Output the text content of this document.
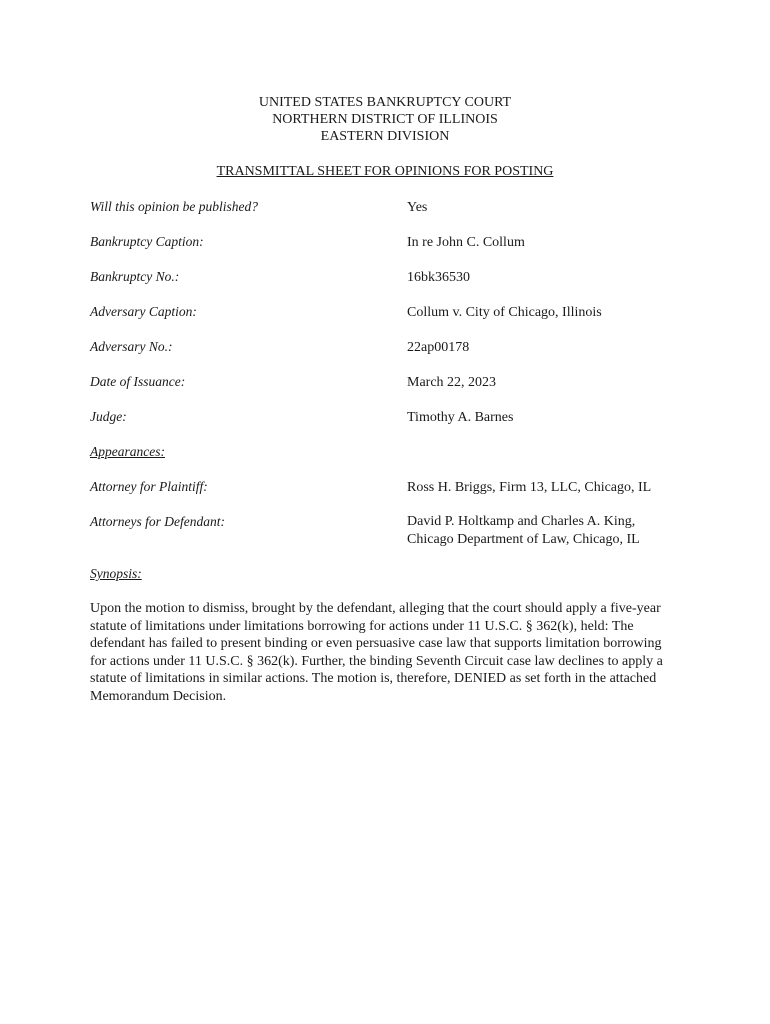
UNITED STATES BANKRUPTCY COURT
NORTHERN DISTRICT OF ILLINOIS
EASTERN DIVISION
TRANSMITTAL SHEET FOR OPINIONS FOR POSTING
Will this opinion be published?	Yes
Bankruptcy Caption:	In re John C. Collum
Bankruptcy No.:	16bk36530
Adversary Caption:	Collum v. City of Chicago, Illinois
Adversary No.:	22ap00178
Date of Issuance:	March 22, 2023
Judge:	Timothy A. Barnes
Appearances:
Attorney for Plaintiff:	Ross H. Briggs, Firm 13, LLC, Chicago, IL
Attorneys for Defendant:	David P. Holtkamp and Charles A. King,
Chicago Department of Law, Chicago, IL
Synopsis:
Upon the motion to dismiss, brought by the defendant, alleging that the court should apply a five-year statute of limitations under limitations borrowing for actions under 11 U.S.C. § 362(k), held: The defendant has failed to present binding or even persuasive case law that supports limitation borrowing for actions under 11 U.S.C. § 362(k). Further, the binding Seventh Circuit case law declines to apply a statute of limitations in similar actions. The motion is, therefore, DENIED as set forth in the attached Memorandum Decision.
